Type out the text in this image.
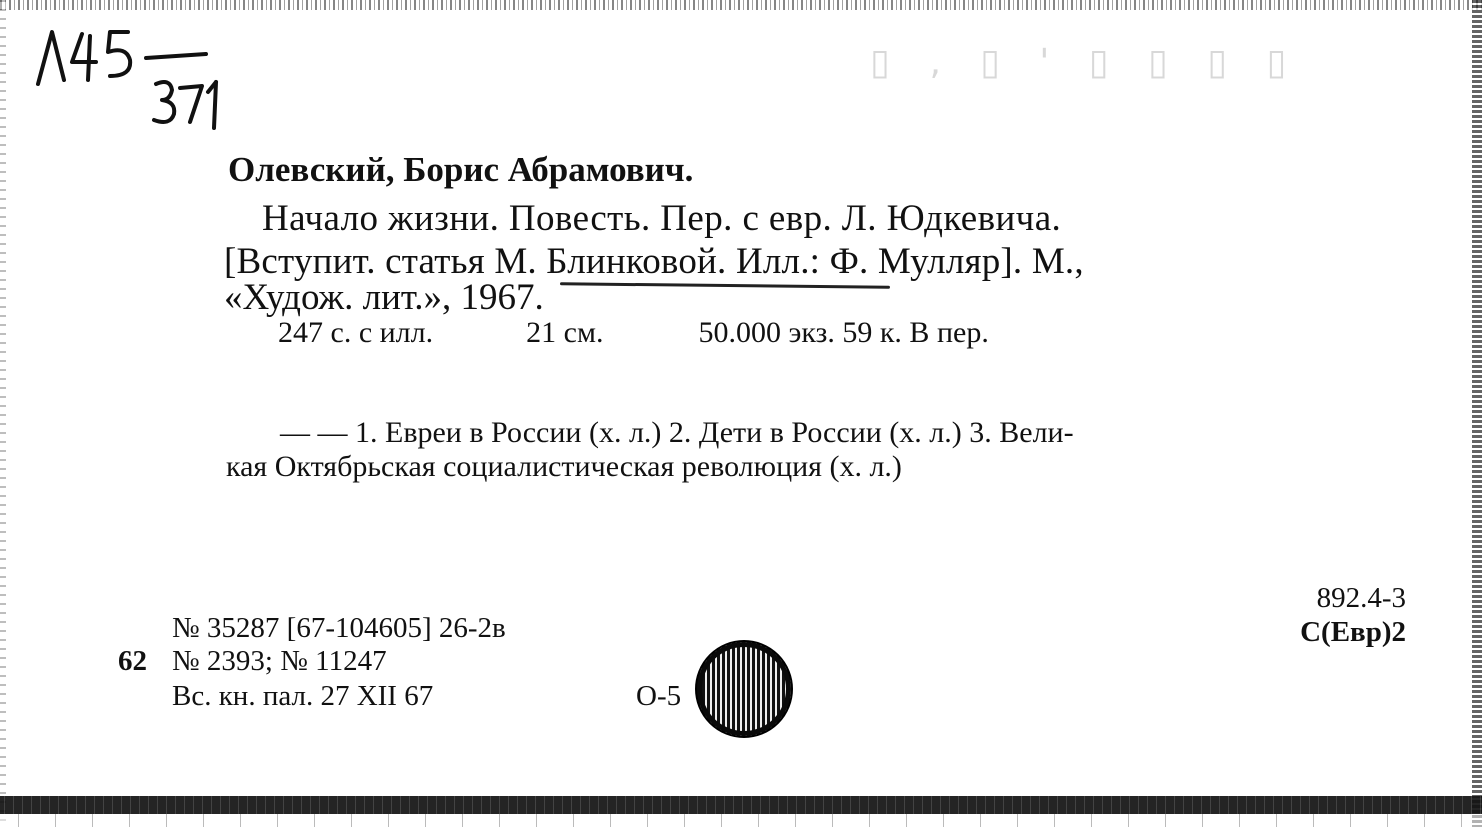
▯ ‚ ▯ ' ▯ ▯ ▯ ▯
Олевский, Борис Абрамович.
Начало жизни. Повесть. Пер. с евр. Л. Юдкевича.
[Вступит. статья М. Блинковой. Илл.: Ф. Мулляр]. М.,
«Худож. лит.», 1967.
247 с. с илл.	21 см.	50.000 экз. 59 к. В пер.
— — 1. Евреи в России (х. л.) 2. Дети в России (х. л.) 3. Вели-
кая Октябрьская социалистическая революция (х. л.)
№ 35287 [67-104605] 26-2в
62 № 2393; № 11247
Вс. кн. пал. 27 XII 67	О-5
892.4-3
С(Евр)2
